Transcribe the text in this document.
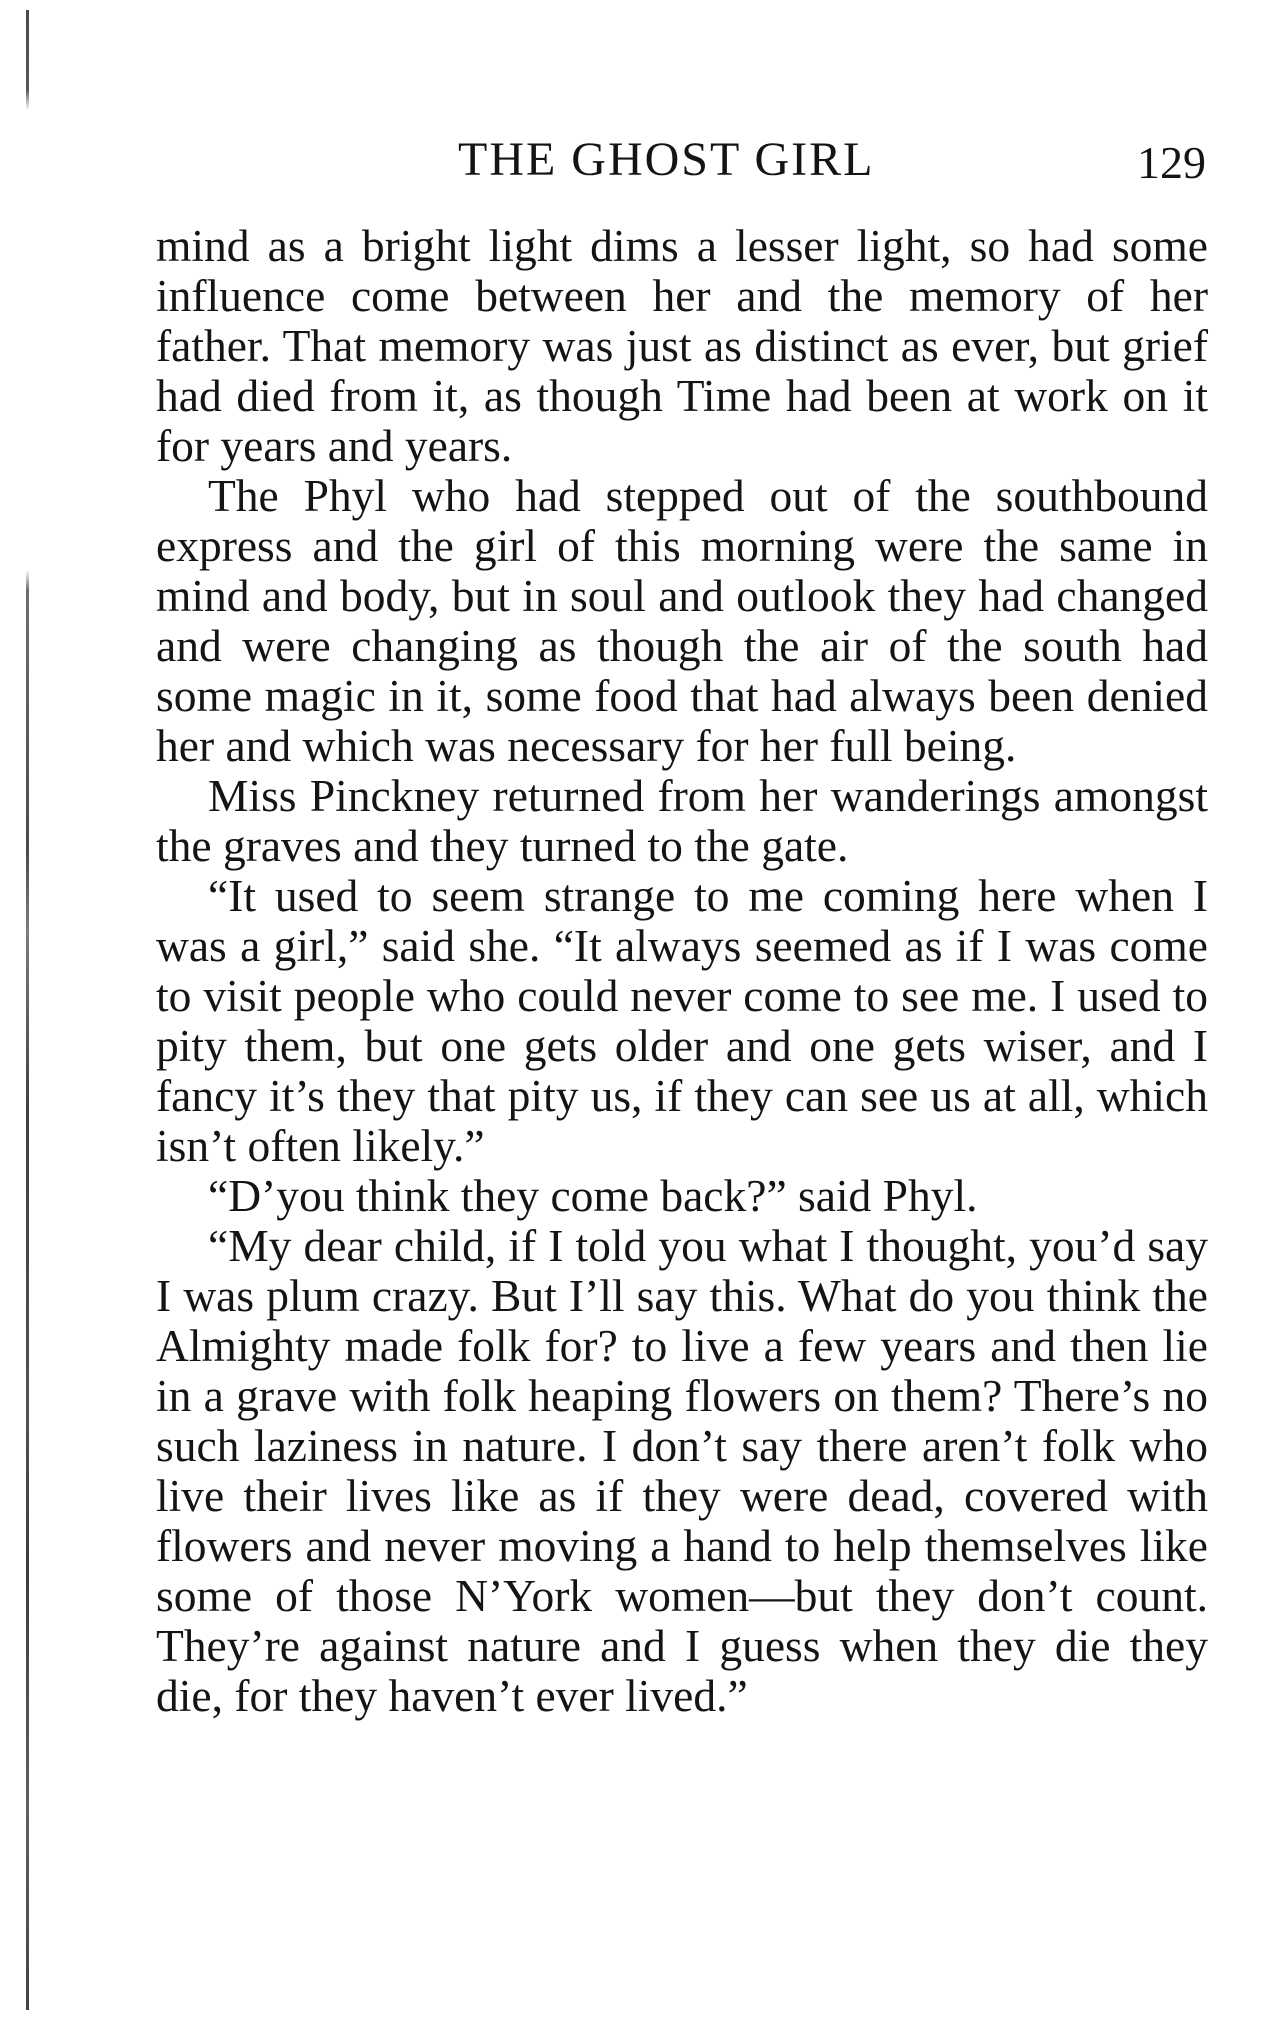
THE GHOST GIRL	129

mind as a bright light dims a lesser light, so had some influence come between her and the memory of her father. That memory was just as distinct as ever, but grief had died from it, as though Time had been at work on it for years and years.

The Phyl who had stepped out of the southbound express and the girl of this morning were the same in mind and body, but in soul and outlook they had changed and were changing as though the air of the south had some magic in it, some food that had always been denied her and which was necessary for her full being.

Miss Pinckney returned from her wanderings amongst the graves and they turned to the gate.

“It used to seem strange to me coming here when I was a girl,” said she. “It always seemed as if I was come to visit people who could never come to see me. I used to pity them, but one gets older and one gets wiser, and I fancy it’s they that pity us, if they can see us at all, which isn’t often likely.”

“D’you think they come back?” said Phyl.

“My dear child, if I told you what I thought, you’d say I was plum crazy. But I’ll say this. What do you think the Almighty made folk for? to live a few years and then lie in a grave with folk heaping flowers on them? There’s no such laziness in nature. I don’t say there aren’t folk who live their lives like as if they were dead, covered with flowers and never moving a hand to help themselves like some of those N’York women—but they don’t count. They’re against nature and I guess when they die they die, for they haven’t ever lived.”
